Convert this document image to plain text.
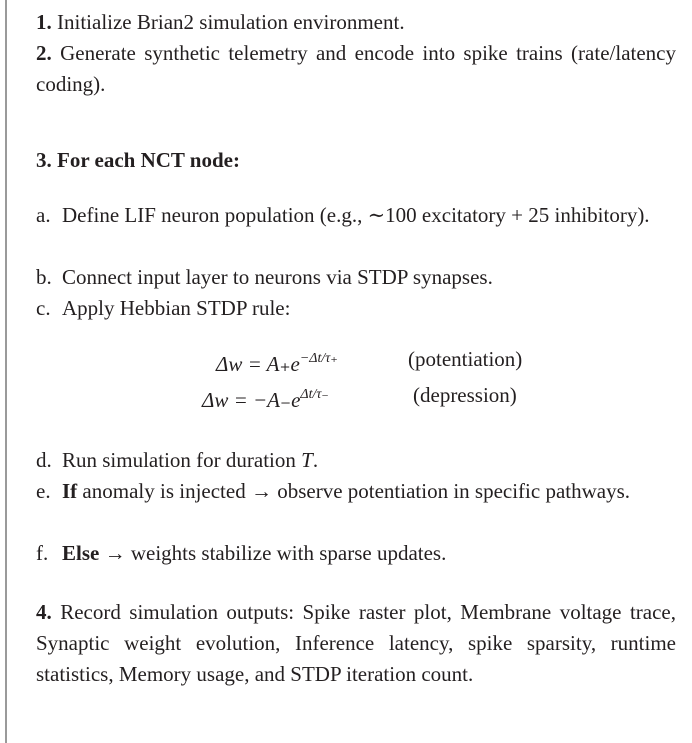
1. Initialize Brian2 simulation environment.
2. Generate synthetic telemetry and encode into spike trains (rate/latency coding).
3. For each NCT node:
a. Define LIF neuron population (e.g., ∼100 excitatory + 25 inhibitory).
b. Connect input layer to neurons via STDP synapses.
c. Apply Hebbian STDP rule:
$\Delta w = A_+e^{-\Delta t/\tau_+}$	(potentiation)
$\Delta w = -A_-e^{\Delta t/\tau_-}$	(depression)
d. Run simulation for duration T.
e. If anomaly is injected → observe potentiation in specific pathways.
f. Else → weights stabilize with sparse updates.
4. Record simulation outputs: Spike raster plot, Membrane voltage trace, Synaptic weight evolution, Inference latency, spike sparsity, runtime statistics, Memory usage, and STDP iteration count.
